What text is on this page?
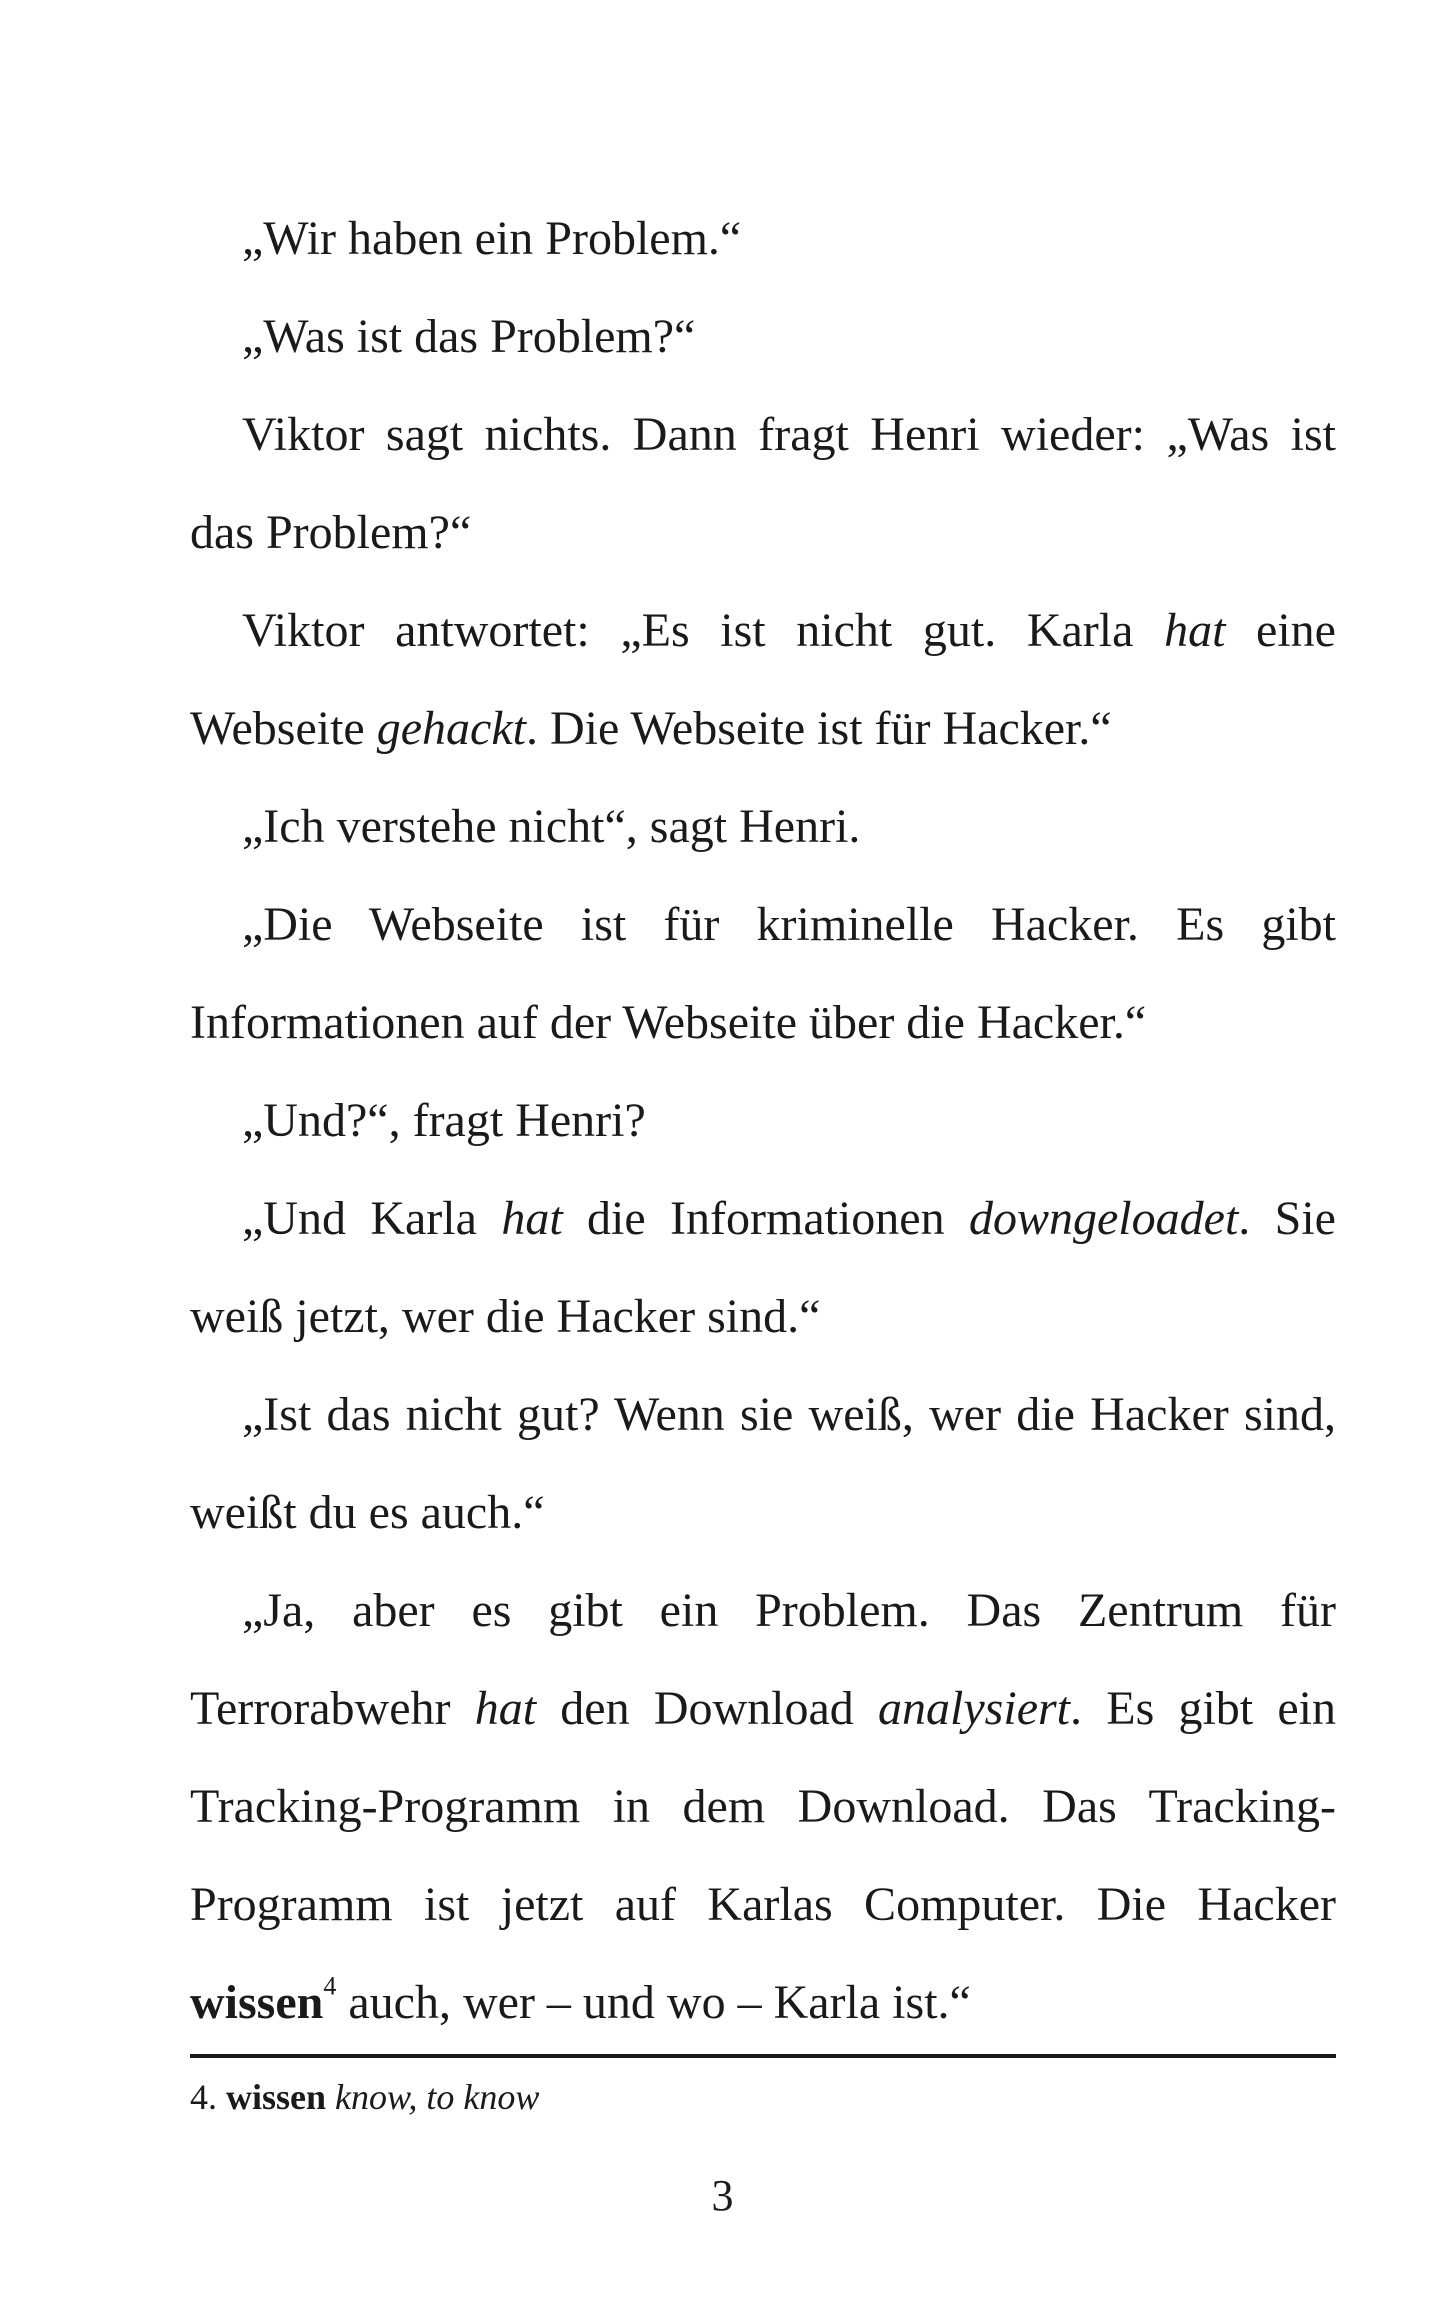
„Wir haben ein Problem.“

„Was ist das Problem?“

Viktor sagt nichts. Dann fragt Henri wieder: „Was ist das Problem?“

Viktor antwortet: „Es ist nicht gut. Karla hat eine Webseite gehackt. Die Webseite ist für Hacker.“

„Ich verstehe nicht“, sagt Henri.

„Die Webseite ist für kriminelle Hacker. Es gibt Informationen auf der Webseite über die Hacker.“

„Und?“, fragt Henri?

„Und Karla hat die Informationen downgeloadet. Sie weiß jetzt, wer die Hacker sind.“

„Ist das nicht gut? Wenn sie weiß, wer die Hacker sind, weißt du es auch.“

„Ja, aber es gibt ein Problem. Das Zentrum für Terrorabwehr hat den Download analysiert. Es gibt ein Tracking-Programm in dem Download. Das Tracking-Programm ist jetzt auf Karlas Computer. Die Hacker wissen$^4$ auch, wer – und wo – Karla ist.“

4. wissen know, to know
3
